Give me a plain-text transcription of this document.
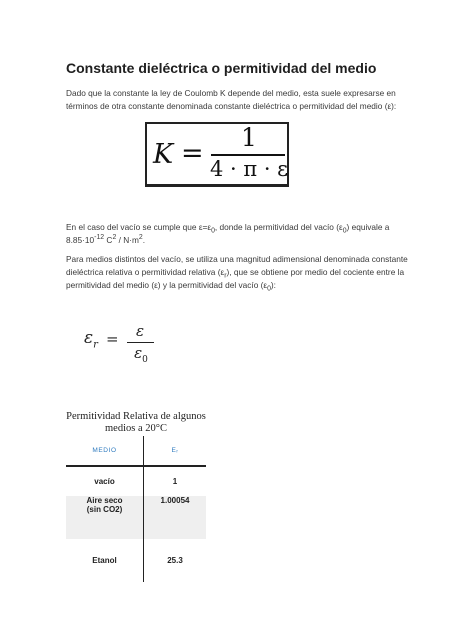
Constante dieléctrica o permitividad del medio
Dado que la constante la ley de Coulomb K depende del medio, esta suele expresarse en términos de otra constante denominada constante dieléctrica o permitividad del medio (ε):
K =
1
4 · π · ε
En el caso del vacío se cumple que $\varepsilon=\varepsilon_0$, donde la permitividad del vacío $(\varepsilon_0)$ equivale a
$8.85\cdot 10^{-12}$ $C^2 / N\cdot m^2$.
Para medios distintos del vacío, se utiliza una magnitud adimensional denominada constante dieléctrica relativa o permitividad relativa $(\varepsilon_r)$, que se obtiene por medio del cociente entre la permitividad del medio (ε) y la permitividad del vacío $(\varepsilon_0)$:
$\varepsilon_r$ =	ε
$\varepsilon_0$
Permitividad Relativa de algunos medios a 20°C
MEDIO	Εᵣ
vacío	1
Aire seco
(sin CO2)	1.00054
Etanol	25.3
